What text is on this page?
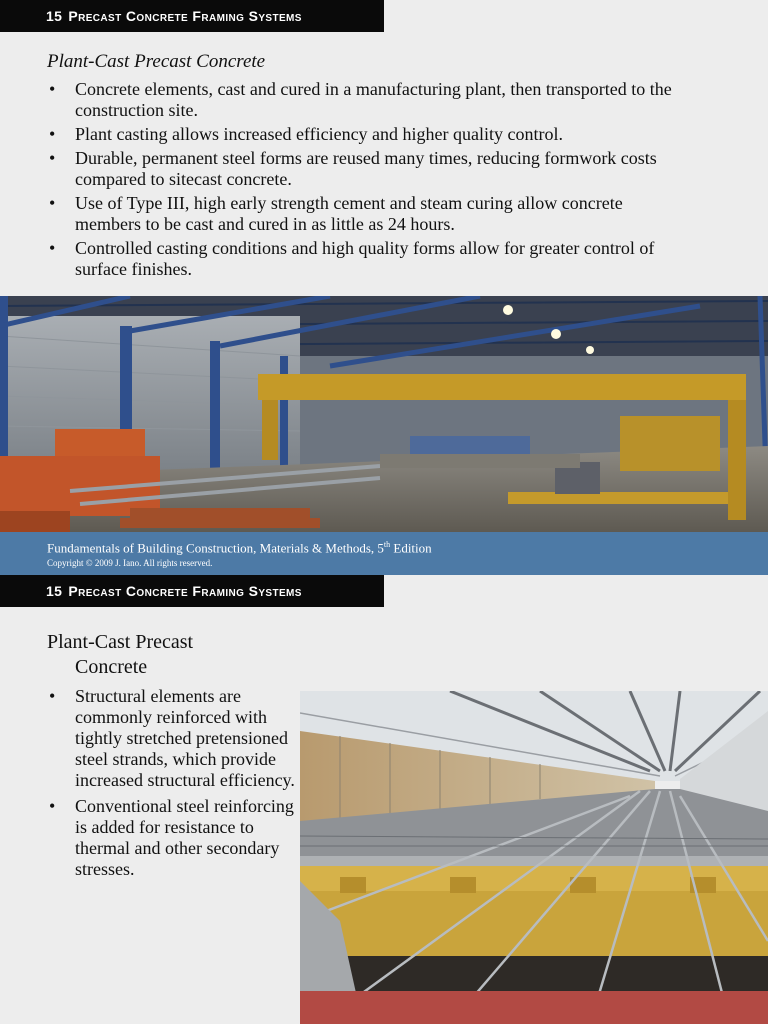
15 Precast Concrete Framing Systems
Plant-Cast Precast Concrete
• Concrete elements, cast and cured in a manufacturing plant, then transported to the construction site.
• Plant casting allows increased efficiency and higher quality control.
• Durable, permanent steel forms are reused many times, reducing formwork costs compared to sitecast concrete.
• Use of Type III, high early strength cement and steam curing allow concrete members to be cast and cured in as little as 24 hours.
• Controlled casting conditions and high quality forms allow for greater control of surface finishes.
Fundamentals of Building Construction, Materials & Methods, 5th Edition
Copyright © 2009 J. Iano. All rights reserved.
15 Precast Concrete Framing Systems
Plant-Cast Precast
Concrete
• Structural elements are commonly reinforced with tightly stretched pretensioned steel strands, which provide increased structural efficiency.
• Conventional steel reinforcing is added for resistance to thermal and other secondary stresses.
